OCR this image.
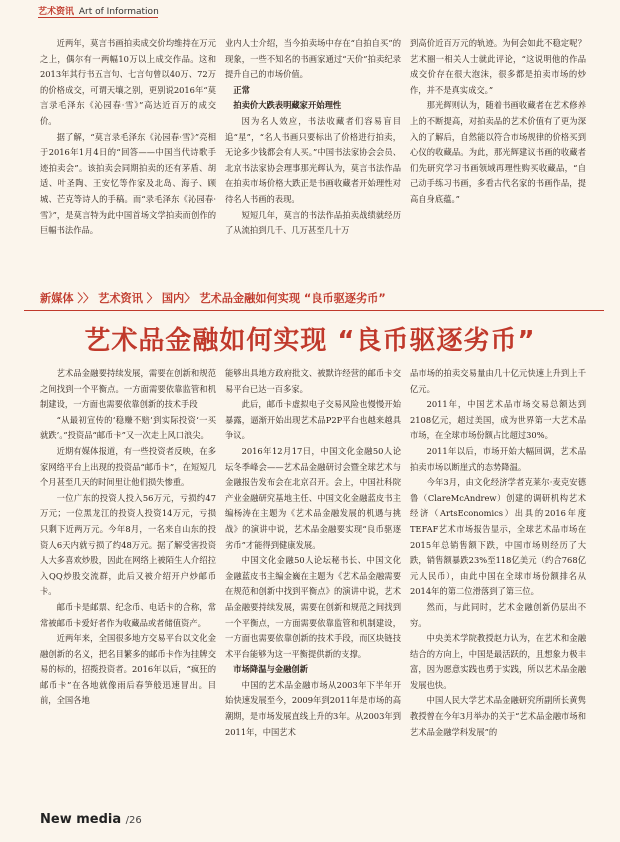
艺术资讯 Art of Information

近两年，莫言书画拍卖成交价均维持在万元之上，偶尔有一两幅10万以上成交作品。这和2013年其行书五言句、七言句曾以40万、72万的价格成交，可谓天壤之别，更别说2016年“莫言录毛泽东《沁园春·雪》”高达近百万的成交价。

据了解，“莫言录毛泽东《沁园春·雪》”亮相于2016年1月4日的“回答——中国当代诗歌手迹拍卖会”。该拍卖会同期拍卖的还有茅盾、胡适、叶圣陶、王安忆等作家及北岛、海子、顾城、芒克等诗人的手稿。而“录毛泽东《沁园春·雪》”，是莫言特为此中国首场文学拍卖而创作的巨幅书法作品。

业内人士介绍，当今拍卖场中存在“自拍自买”的现象，一些不知名的书画家通过“天价”拍卖纪录提升自己的市场价值。

正常

拍卖价大跌表明藏家开始理性

因为名人效应，书法收藏者们容易盲目追“星”，“名人书画只要标出了价格进行拍卖，无论多少钱都会有人买。”中国书法家协会会员、北京书法家协会理事那光辉认为，莫言书法作品在拍卖市场价格大跌正是书画收藏者开始理性对待名人书画的表现。

短短几年，莫言的书法作品拍卖战绩就经历了从流拍到几千、几万甚至几十万

到高价近百万元的轨迹。为何会如此不稳定呢？艺术圈一相关人士就此评论，“这说明他的作品成交价存在很大泡沫，很多都是拍卖市场的炒作，并不是真实成交。”

那光辉则认为，随着书画收藏者在艺术修养上的不断提高，对拍卖品的艺术价值有了更为深入的了解后，自然能以符合市场规律的价格买到心仪的收藏品。为此，那光辉建议书画的收藏者们先研究学习书画领域再理性购买收藏品，“自己动手练习书画，多看古代名家的书画作品，提高自身底蕴。”

新媒体 〉〉 艺术资讯 〉 国内〉 艺术品金融如何实现 “良币驱逐劣币”
艺术品金融如何实现 “良币驱逐劣币”

艺术品金融要持续发展，需要在创新和规范之间找到一个平衡点。一方面需要依靠监管和机制建设，一方面也需要依靠创新的技术手段

“从最初宣传的‘稳赚不赔’到实际投资‘一买就跌’。”投资品“邮币卡”又一次走上风口浪尖。

近期有媒体报道，有一些投资者反映，在多家网络平台上出现的投资品“邮币卡”，在短短几个月甚至几天的时间里让他们损失惨重。

一位广东的投资人投入56万元，亏损约47万元；一位黑龙江的投资人投资14万元，亏损只剩下近两万元。今年8月，一名来自山东的投资人6天内就亏损了约48万元。据了解受害投资人大多喜欢炒股，因此在网络上被陌生人介绍拉入QQ炒股交流群，此后又被介绍开户炒邮币卡。

邮币卡是邮票、纪念币、电话卡的合称，常常被邮币卡爱好者作为收藏品或者储值资产。

近两年来，全国很多地方交易平台以文化金融创新的名义，把名目繁多的邮币卡作为挂牌交易的标的，招揽投资者。2016年以后，“疯狂的邮币卡”在各地就像雨后春笋般迅速冒出。目前，全国各地

能够出具地方政府批文、被默许经营的邮币卡交易平台已达一百多家。

此后，邮币卡虚拟电子交易风险也慢慢开始暴露，逼渐开始出现艺术品P2P平台也越来越具争议。

2016年12月17日，中国文化金融50人论坛冬季峰会——艺术品金融研讨会暨全球艺术与金融报告发布会在北京召开。会上，中国社科院产业金融研究基地主任、中国文化金融蓝皮书主编杨涛在主题为《艺术品金融发展的机遇与挑战》的演讲中说，艺术品金融要实现“良币驱逐劣币”才能得到健康发展。

中国文化金融50人论坛秘书长、中国文化金融蓝皮书主编金巍在主题为《艺术品金融需要在规范和创新中找到平衡点》的演讲中说，艺术品金融要持续发展，需要在创新和规范之间找到一个平衡点，一方面需要依靠监管和机制建设，一方面也需要依靠创新的技术手段，而区块链技术平台能够为这一平衡提供新的支撑。

市场降温与金融创新

中国的艺术品金融市场从2003年下半年开始快速发展至今，2009年到2011年是市场的高潮期，是市场发展直线上升的3年。从2003年到2011年，中国艺术

品市场的拍卖交易量由几十亿元快速上升到上千亿元。

2011年，中国艺术品市场交易总额达到2108亿元，超过美国，成为世界第一大艺术品市场，在全球市场份额占比超过30%。

2011年以后，市场开始大幅回调，艺术品拍卖市场以断崖式的态势降温。

今年3月，由文化经济学者克莱尔·麦克安德鲁（ClareMcAndrew）创建的调研机构艺术经济（ArtsEconomics）出具的2016年度TEFAF艺术市场报告显示，全球艺术品市场在2015年总销售额下跌，中国市场则经历了大跌，销售额暴跌23%至118亿美元（约合768亿元人民币），由此中国在全球市场份额排名从2014年的第二位滑落到了第三位。

然而，与此同时，艺术金融创新仍层出不穷。

中央美术学院教授赵力认为，在艺术和金融结合的方向上，中国是最活跃的，且想象力极丰富，因为愿意实践也勇于实践，所以艺术品金融发展也快。

中国人民大学艺术品金融研究所副所长黄隽教授曾在今年3月举办的关于“艺术品金融市场和艺术品金融学科发展”的

New media /26
